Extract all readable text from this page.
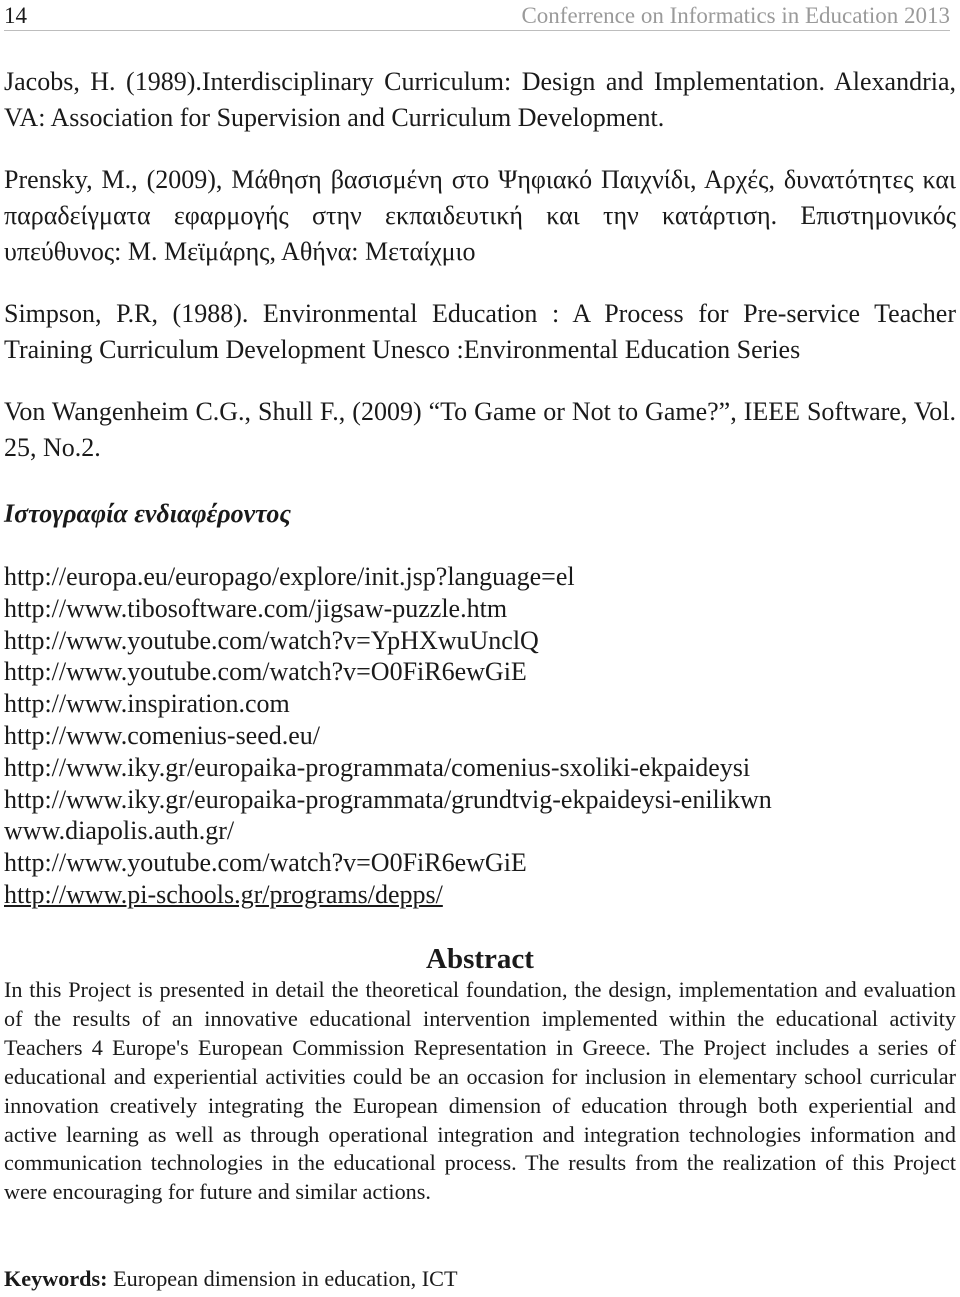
14	Conferrence on Informatics in Education 2013

Jacobs, H. (1989).Interdisciplinary Curriculum: Design and Implementation. Alexandria, VA: Association for Supervision and Curriculum Development.

Prensky, M., (2009), Μάθηση βασισμένη στο Ψηφιακό Παιχνίδι, Αρχές, δυνατότητες και παραδείγματα εφαρμογής στην εκπαιδευτική και την κατάρτιση. Επιστημονικός υπεύθυνος: Μ. Μεϊμάρης, Αθήνα: Μεταίχμιο

Simpson, P.R, (1988). Environmental Education : A Process for Pre-service Teacher Training Curriculum Development Unesco :Environmental Education Series

Von Wangenheim C.G., Shull F., (2009) “To Game or Not to Game?”, IEEE Software, Vol. 25, No.2.

Ιστογραφία ενδιαφέροντος
http://europa.eu/europago/explore/init.jsp?language=el
http://www.tibosoftware.com/jigsaw-puzzle.htm
http://www.youtube.com/watch?v=YpHXwuUnclQ
http://www.youtube.com/watch?v=O0FiR6ewGiE
http://www.inspiration.com
http://www.comenius-seed.eu/
http://www.iky.gr/europaika-programmata/comenius-sxoliki-ekpaideysi
http://www.iky.gr/europaika-programmata/grundtvig-ekpaideysi-enilikwn
www.diapolis.auth.gr/
http://www.youtube.com/watch?v=O0FiR6ewGiE
http://www.pi-schools.gr/programs/depps/
Abstract
In this Project is presented in detail the theoretical foundation, the design, implementation and evaluation of the results of an innovative educational intervention implemented within the educational activity Teachers 4 Europe's European Commission Representation in Greece. The Project includes a series of educational and experiential activities could be an occasion for inclusion in elementary school curricular innovation creatively integrating the European dimension of education through both experiential and active learning as well as through operational integration and integration technologies information and communication technologies in the educational process. The results from the realization of this Project were encouraging for future and similar actions.
Keywords: European dimension in education, ICT
